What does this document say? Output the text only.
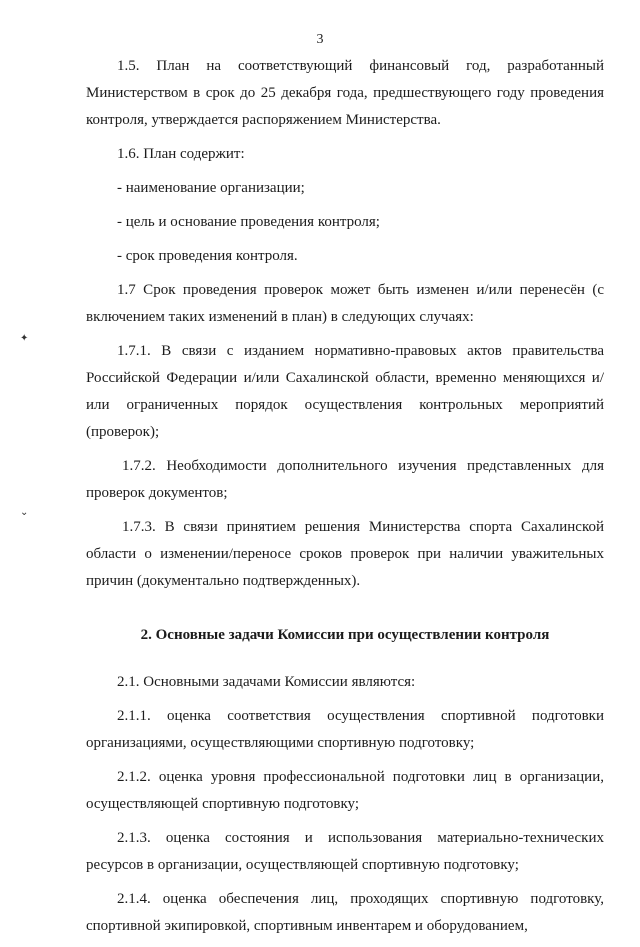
3
✦
⌄

1.5. План на соответствующий финансовый год, разработанный Министерством в срок до 25 декабря года, предшествующего году проведения контроля, утверждается распоряжением Министерства.

1.6. План содержит:

- наименование организации;

- цель и основание проведения контроля;

- срок проведения контроля.

1.7 Срок проведения проверок может быть изменен и/или перенесён (с включением таких изменений в план) в следующих случаях:

1.7.1. В связи с изданием нормативно-правовых актов правительства Российской Федерации и/или Сахалинской области, временно меняющихся и/или ограниченных порядок осуществления контрольных мероприятий (проверок);

1.7.2. Необходимости дополнительного изучения представленных для проверок документов;

1.7.3. В связи принятием решения Министерства спорта Сахалинской области о изменении/переносе сроков проверок при наличии уважительных причин (документально подтвержденных).

2. Основные задачи Комиссии при осуществлении контроля

2.1. Основными задачами Комиссии являются:

2.1.1. оценка соответствия осуществления спортивной подготовки организациями, осуществляющими спортивную подготовку;

2.1.2. оценка уровня профессиональной подготовки лиц в организации, осуществляющей спортивную подготовку;

2.1.3. оценка состояния и использования материально-технических ресурсов в организации, осуществляющей спортивную подготовку;

2.1.4. оценка обеспечения лиц, проходящих спортивную подготовку, спортивной экипировкой, спортивным инвентарем и оборудованием,
